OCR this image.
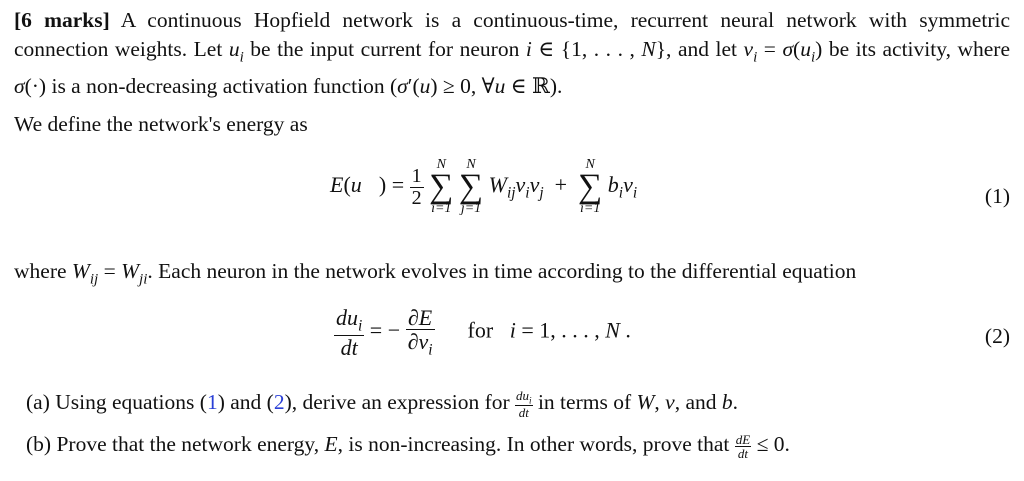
[6 marks] A continuous Hopfield network is a continuous-time, recurrent neural network with symmetric connection weights. Let $u_i$ be the input current for neuron i ∈ {1, . . . , N}, and let $v_i = \sigma(u_i)$ be its activity, where σ(·) is a non-decreasing activation function (σ′(u) ≥ 0, ∀u ∈ ℝ).
We define the network's energy as
E(u⃗) = $\frac{1}{2}$

N
∑
i=1

N
∑
j=1
$W_{ij}v_iv_j$  +
N
∑
i=1
$b_iv_i$	(1)
where $W_{ij} = W_{ji}$. Each neuron in the network evolves in time according to the differential equation
$\frac{du_i}{dt}$ = − $\frac{\partial E}{\partial v_i}$ for i = 1, . . . , N .	(2)
(a) Using equations (1) and (2), derive an expression for $\frac{du_i}{dt}$ in terms of W, v, and b.
(b) Prove that the network energy, E, is non-increasing. In other words, prove that $\frac{dE}{dt} \le 0$.
